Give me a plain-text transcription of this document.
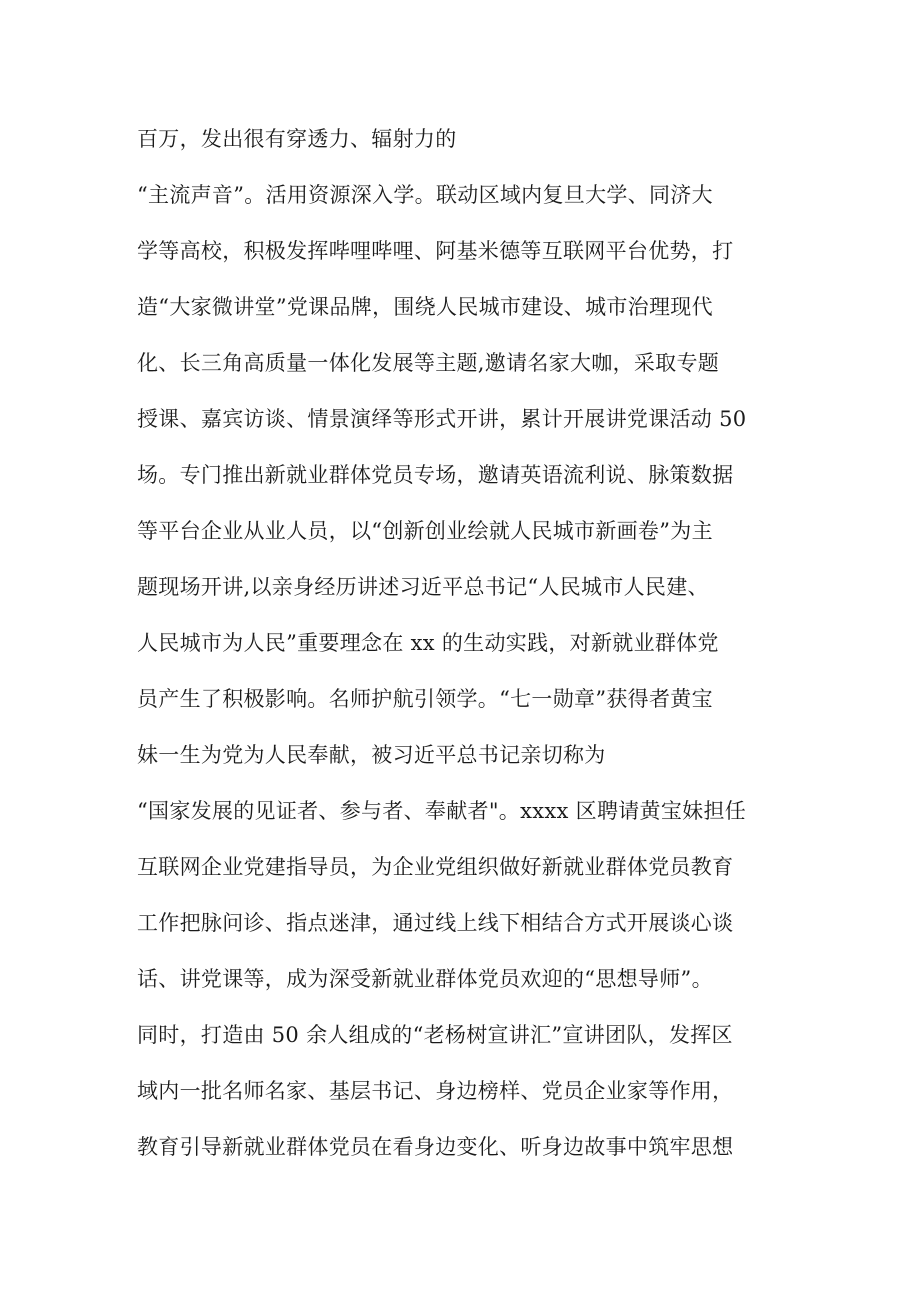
百万，发出很有穿透力、辐射力的
“主流声音”。活用资源深入学。联动区域内复旦大学、同济大
学等高校，积极发挥哔哩哔哩、阿基米德等互联网平台优势，打
造“大家微讲堂”党课品牌，围绕人民城市建设、城市治理现代
化、长三角高质量一体化发展等主题,邀请名家大咖，采取专题
授课、嘉宾访谈、情景演绎等形式开讲，累计开展讲党课活动 50
场。专门推出新就业群体党员专场，邀请英语流利说、脉策数据
等平台企业从业人员，以“创新创业绘就人民城市新画卷”为主
题现场开讲,以亲身经历讲述习近平总书记“人民城市人民建、
人民城市为人民”重要理念在 xx 的生动实践，对新就业群体党
员产生了积极影响。名师护航引领学。“七一勋章”获得者黄宝
妹一生为党为人民奉献，被习近平总书记亲切称为
“国家发展的见证者、参与者、奉献者"。xxxx 区聘请黄宝妹担任
互联网企业党建指导员，为企业党组织做好新就业群体党员教育
工作把脉问诊、指点迷津，通过线上线下相结合方式开展谈心谈
话、讲党课等，成为深受新就业群体党员欢迎的“思想导师”。
同时，打造由 50 余人组成的“老杨树宣讲汇”宣讲团队，发挥区
域内一批名师名家、基层书记、身边榜样、党员企业家等作用，
教育引导新就业群体党员在看身边变化、听身边故事中筑牢思想
